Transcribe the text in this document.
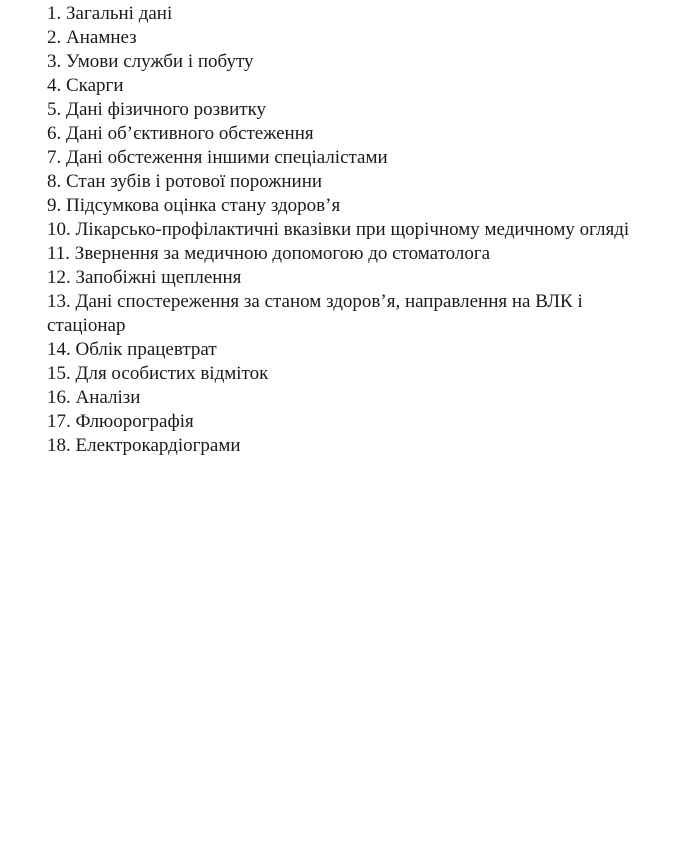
1. Загальні дані
2. Анамнез
3. Умови служби і побуту
4. Скарги
5. Дані фізичного розвитку
6. Дані об’єктивного обстеження
7. Дані обстеження іншими спеціалістами
8. Стан зубів і ротової порожнини
9. Підсумкова оцінка стану здоров’я
10. Лікарсько-профілактичні вказівки при щорічному медичному огляді
11. Звернення за медичною допомогою до стоматолога
12. Запобіжні щеплення
13. Дані спостереження за станом здоров’я, направлення на ВЛК і стаціонар
14. Облік працевтрат
15. Для особистих відміток
16. Аналізи
17. Флюорографія
18. Електрокардіограми
